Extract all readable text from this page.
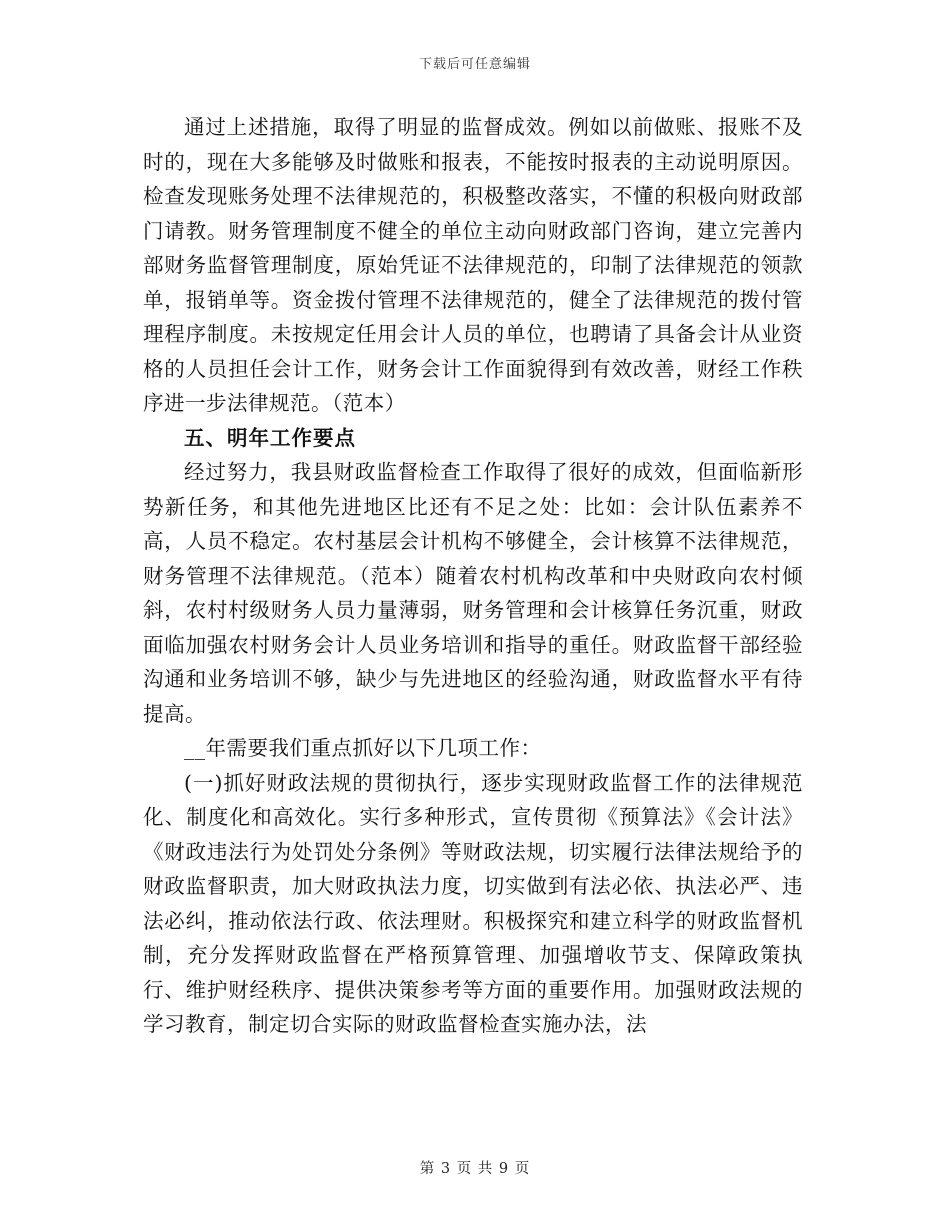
下载后可任意编辑

通过上述措施，取得了明显的监督成效。例如以前做账、报账不及时的，现在大多能够及时做账和报表，不能按时报表的主动说明原因。检查发现账务处理不法律规范的，积极整改落实，不懂的积极向财政部门请教。财务管理制度不健全的单位主动向财政部门咨询，建立完善内部财务监督管理制度，原始凭证不法律规范的，印制了法律规范的领款单，报销单等。资金拨付管理不法律规范的，健全了法律规范的拨付管理程序制度。未按规定任用会计人员的单位，也聘请了具备会计从业资格的人员担任会计工作，财务会计工作面貌得到有效改善，财经工作秩序进一步法律规范。（范本）

五、明年工作要点

经过努力，我县财政监督检查工作取得了很好的成效，但面临新形势新任务，和其他先进地区比还有不足之处：比如：会计队伍素养不高，人员不稳定。农村基层会计机构不够健全，会计核算不法律规范，财务管理不法律规范。（范本）随着农村机构改革和中央财政向农村倾斜，农村村级财务人员力量薄弱，财务管理和会计核算任务沉重，财政面临加强农村财务会计人员业务培训和指导的重任。财政监督干部经验沟通和业务培训不够，缺少与先进地区的经验沟通，财政监督水平有待提高。

__年需要我们重点抓好以下几项工作：

(一)抓好财政法规的贯彻执行，逐步实现财政监督工作的法律规范化、制度化和高效化。实行多种形式，宣传贯彻《预算法》《会计法》《财政违法行为处罚处分条例》等财政法规，切实履行法律法规给予的财政监督职责，加大财政执法力度，切实做到有法必依、执法必严、违法必纠，推动依法行政、依法理财。积极探究和建立科学的财政监督机制，充分发挥财政监督在严格预算管理、加强增收节支、保障政策执行、维护财经秩序、提供决策参考等方面的重要作用。加强财政法规的学习教育，制定切合实际的财政监督检查实施办法，法

第 3 页 共 9 页
